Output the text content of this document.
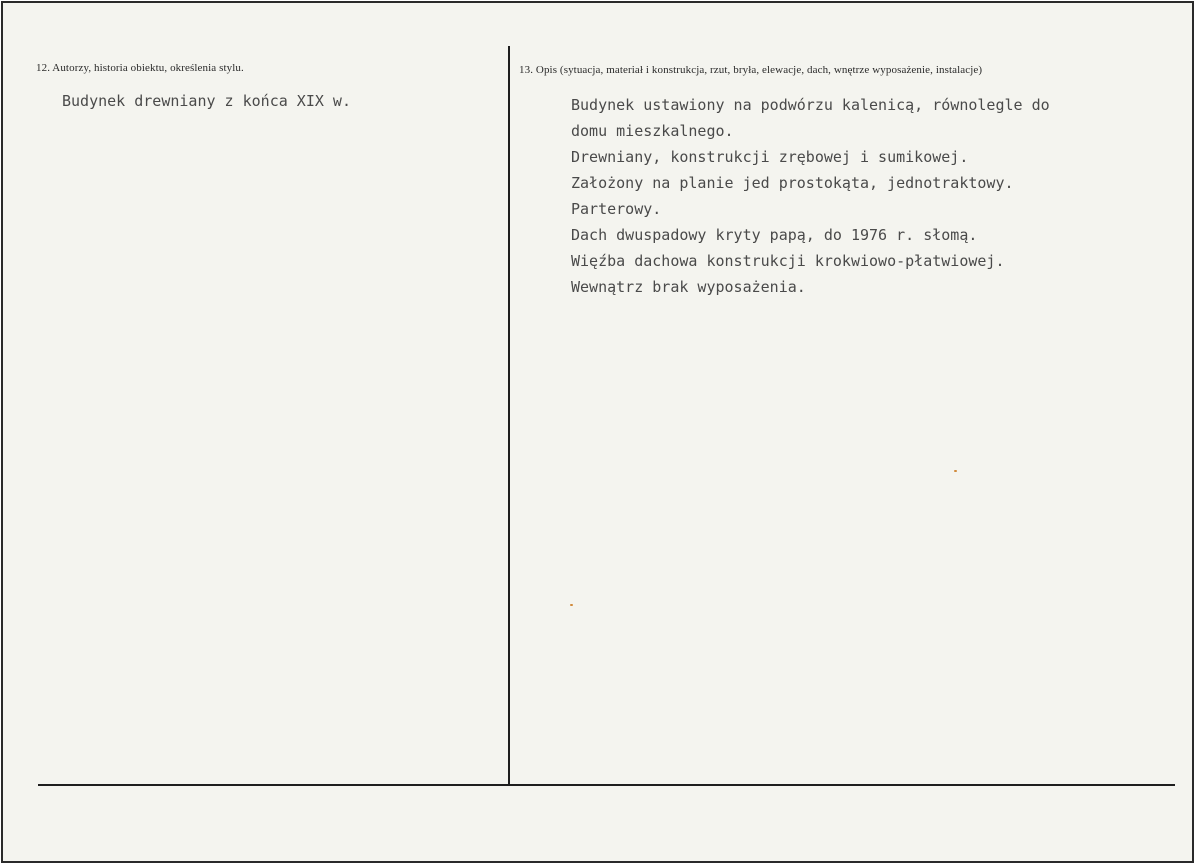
12. Autorzy, historia obiektu, określenia stylu.
Budynek drewniany z końca XIX w.
13. Opis (sytuacja, materiał i konstrukcja, rzut, bryła, elewacje, dach, wnętrze wyposażenie, instalacje)
Budynek ustawiony na podwórzu kalenicą, równolegle do
domu mieszkalnego.
Drewniany, konstrukcji zrębowej i sumikowej.
Założony na planie jed prostokąta, jednotraktowy.
Parterowy.
Dach dwuspadowy kryty papą, do 1976 r. słomą.
Więźba dachowa konstrukcji krokwiowo-płatwiowej.
Wewnątrz brak wyposażenia.
